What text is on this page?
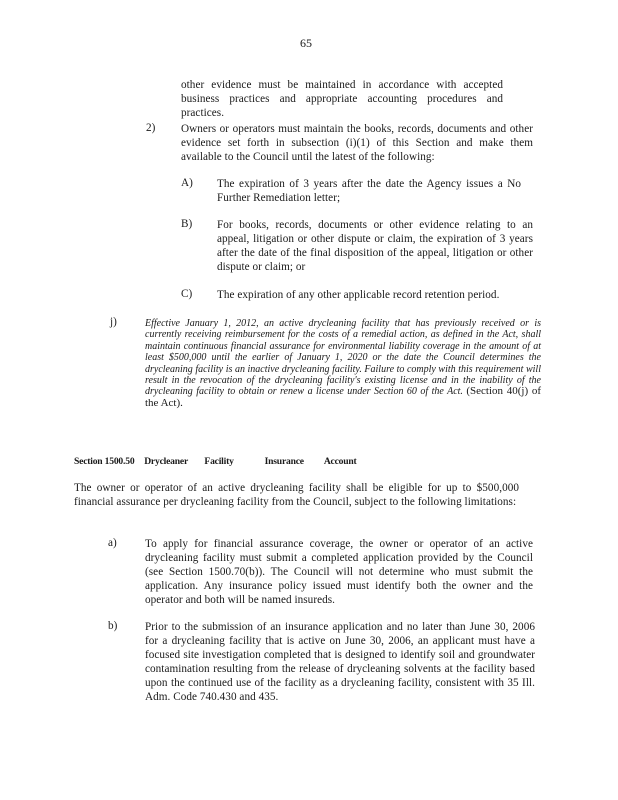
65
other evidence must be maintained in accordance with accepted business practices and appropriate accounting procedures and practices.
2) Owners or operators must maintain the books, records, documents and other evidence set forth in subsection (i)(1) of this Section and make them available to the Council until the latest of the following:
A) The expiration of 3 years after the date the Agency issues a No Further Remediation letter;
B) For books, records, documents or other evidence relating to an appeal, litigation or other dispute or claim, the expiration of 3 years after the date of the final disposition of the appeal, litigation or other dispute or claim; or
C) The expiration of any other applicable record retention period.
j)	Effective January 1, 2012, an active drycleaning facility that has previously received or is currently receiving reimbursement for the costs of a remedial action, as defined in the Act, shall maintain continuous financial assurance for environmental liability coverage in the amount of at least $500,000 until the earlier of January 1, 2020 or the date the Council determines the drycleaning facility is an inactive drycleaning facility. Failure to comply with this requirement will result in the revocation of the drycleaning facility's existing license and in the inability of the drycleaning facility to obtain or renew a license under Section 60 of the Act. (Section 40(j) of the Act).
Section 1500.50 Drycleaner Facility	Insurance Account
The owner or operator of an active drycleaning facility shall be eligible for up to $500,000 financial assurance per drycleaning facility from the Council, subject to the following limitations:
a)	To apply for financial assurance coverage, the owner or operator of an active drycleaning facility must submit a completed application provided by the Council (see Section 1500.70(b)). The Council will not determine who must submit the application. Any insurance policy issued must identify both the owner and the operator and both will be named insureds.
b) Prior to the submission of an insurance application and no later than June 30, 2006 for a drycleaning facility that is active on June 30, 2006, an applicant must have a focused site investigation completed that is designed to identify soil and groundwater contamination resulting from the release of drycleaning solvents at the facility based upon the continued use of the facility as a drycleaning facility, consistent with 35 Ill. Adm. Code 740.430 and 435.
